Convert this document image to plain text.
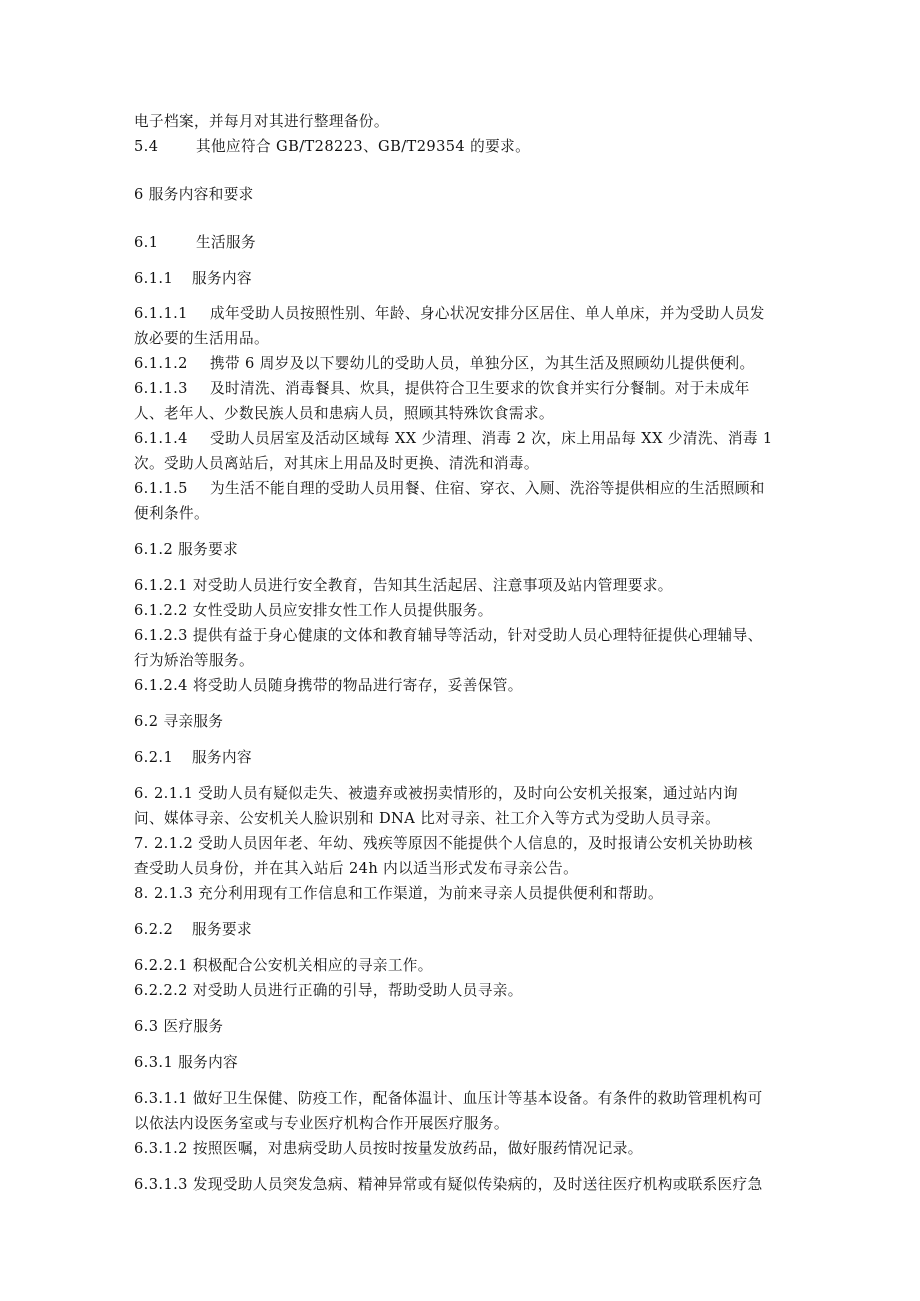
电子档案，并每月对其进行整理备份。
5.4	其他应符合 GB/T28223、GB/T29354 的要求。
6 服务内容和要求
6.1	生活服务
6.1.1 服务内容
6.1.1.1 成年受助人员按照性别、年龄、身心状况安排分区居住、单人单床，并为受助人员发
放必要的生活用品。
6.1.1.2 携带 6 周岁及以下婴幼儿的受助人员，单独分区，为其生活及照顾幼儿提供便利。
6.1.1.3 及时清洗、消毒餐具、炊具，提供符合卫生要求的饮食并实行分餐制。对于未成年
人、老年人、少数民族人员和患病人员，照顾其特殊饮食需求。
6.1.1.4 受助人员居室及活动区域每 XX 少清理、消毒 2 次，床上用品每 XX 少清洗、消毒 1
次。受助人员离站后，对其床上用品及时更换、清洗和消毒。
6.1.1.5 为生活不能自理的受助人员用餐、住宿、穿衣、入厕、洗浴等提供相应的生活照顾和
便利条件。
6.1.2 服务要求
6.1.2.1 对受助人员进行安全教育，告知其生活起居、注意事项及站内管理要求。
6.1.2.2 女性受助人员应安排女性工作人员提供服务。
6.1.2.3 提供有益于身心健康的文体和教育辅导等活动，针对受助人员心理特征提供心理辅导、
行为矫治等服务。
6.1.2.4 将受助人员随身携带的物品进行寄存，妥善保管。
6.2 寻亲服务
6.2.1 服务内容
6. 2.1.1 受助人员有疑似走失、被遗弃或被拐卖情形的，及时向公安机关报案，通过站内询
问、媒体寻亲、公安机关人脸识别和 DNA 比对寻亲、社工介入等方式为受助人员寻亲。
7. 2.1.2 受助人员因年老、年幼、残疾等原因不能提供个人信息的，及时报请公安机关协助核
查受助人员身份，并在其入站后 24h 内以适当形式发布寻亲公告。
8. 2.1.3 充分利用现有工作信息和工作渠道，为前来寻亲人员提供便利和帮助。
6.2.2 服务要求
6.2.2.1 积极配合公安机关相应的寻亲工作。
6.2.2.2 对受助人员进行正确的引导，帮助受助人员寻亲。
6.3 医疗服务
6.3.1 服务内容
6.3.1.1 做好卫生保健、防疫工作，配备体温计、血压计等基本设备。有条件的救助管理机构可
以依法内设医务室或与专业医疗机构合作开展医疗服务。
6.3.1.2 按照医嘱，对患病受助人员按时按量发放药品，做好服药情况记录。
6.3.1.3 发现受助人员突发急病、精神异常或有疑似传染病的，及时送往医疗机构或联系医疗急
